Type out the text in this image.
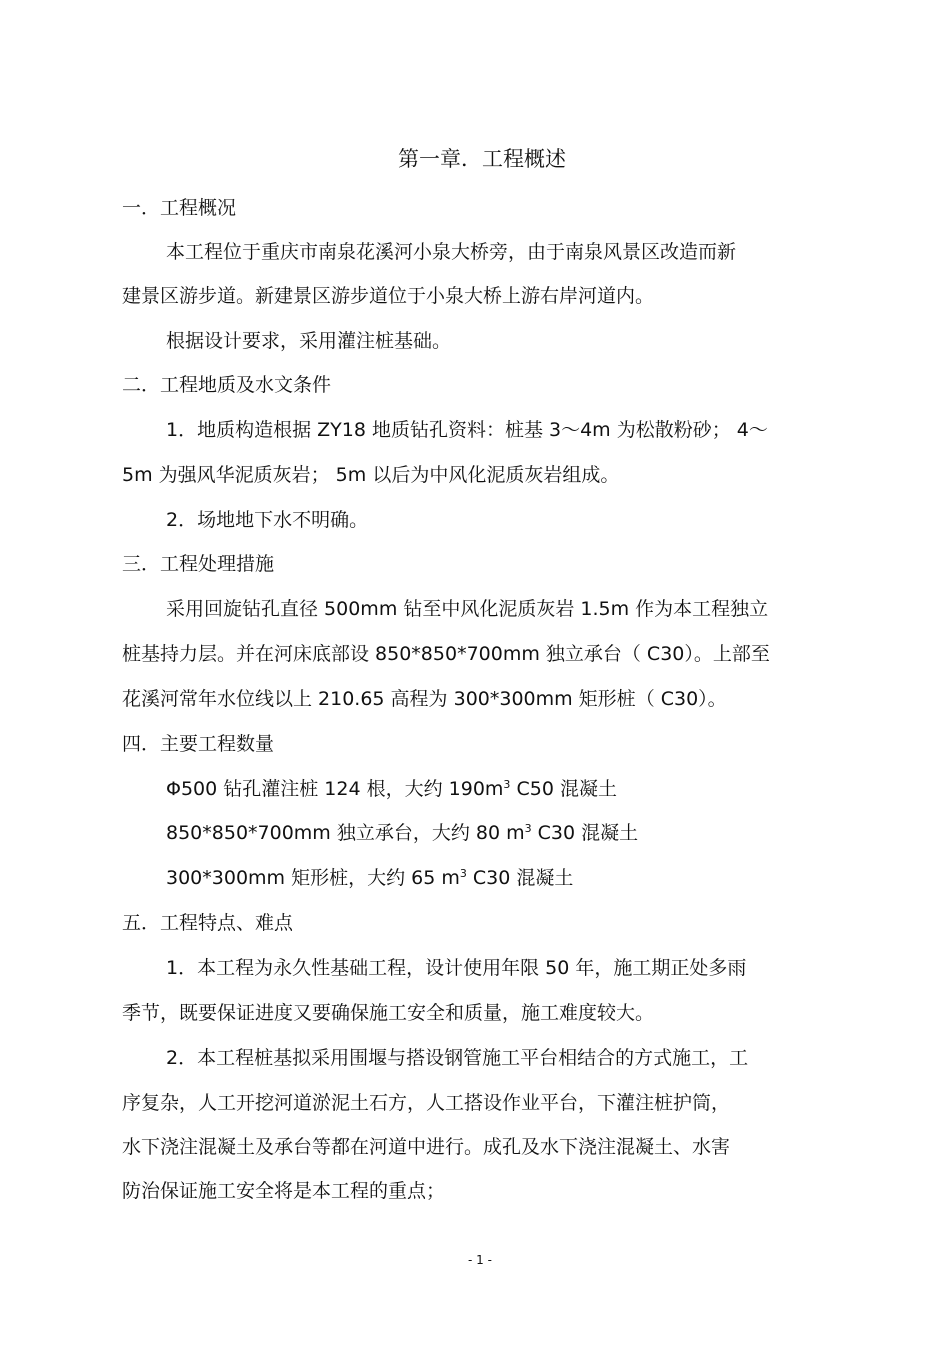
第一章．工程概述
一．工程概况
本工程位于重庆市南泉花溪河小泉大桥旁，由于南泉风景区改造而新
建景区游步道。新建景区游步道位于小泉大桥上游右岸河道内。
根据设计要求，采用灌注桩基础。
二．工程地质及水文条件
1．地质构造根据 ZY18 地质钻孔资料：桩基 3～4m 为松散粉砂； 4～
5m 为强风华泥质灰岩； 5m 以后为中风化泥质灰岩组成。
2．场地地下水不明确。
三．工程处理措施
采用回旋钻孔直径 500mm 钻至中风化泥质灰岩 1.5m 作为本工程独立
桩基持力层。并在河床底部设 850*850*700mm 独立承台（ C30）。上部至
花溪河常年水位线以上 210.65 高程为 300*300mm 矩形桩（ C30）。
四．主要工程数量
Φ500 钻孔灌注桩 124 根，大约 $190m^3$ C50 混凝土
850*850*700mm 独立承台，大约 80 $m^3$ C30 混凝土
300*300mm 矩形桩，大约 65 $m^3$ C30 混凝土
五．工程特点、难点
1．本工程为永久性基础工程，设计使用年限 50 年，施工期正处多雨
季节，既要保证进度又要确保施工安全和质量，施工难度较大。
2．本工程桩基拟采用围堰与搭设钢管施工平台相结合的方式施工，工
序复杂，人工开挖河道淤泥土石方，人工搭设作业平台，下灌注桩护筒，
水下浇注混凝土及承台等都在河道中进行。成孔及水下浇注混凝土、水害
防治保证施工安全将是本工程的重点；
- 1 -
